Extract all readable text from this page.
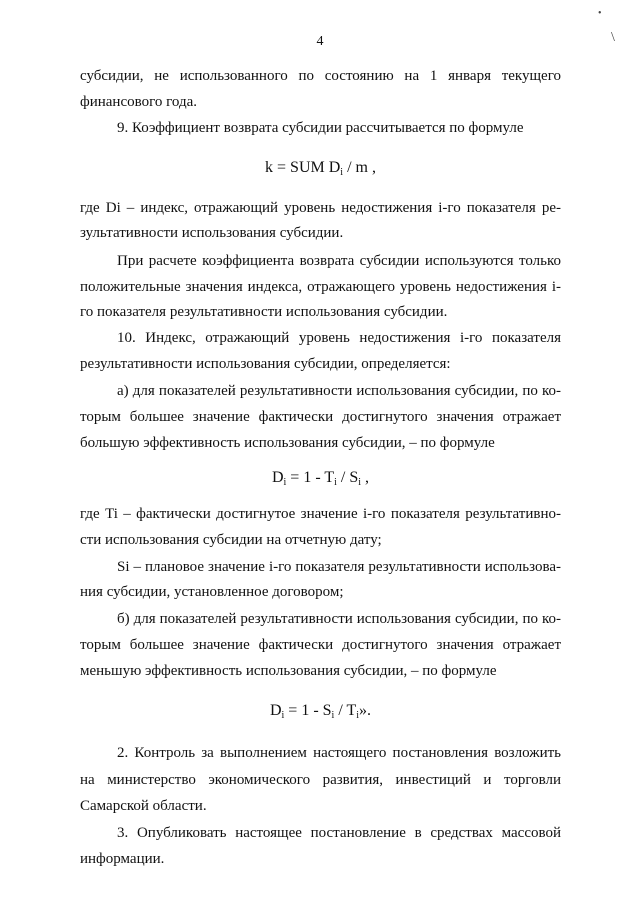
•
\
4
субсидии, не использованного по состоянию на 1 января текущего
финансового года.
9. Коэффициент возврата субсидии рассчитывается по формуле
k = SUM $D_i$ / m ,
где Di – индекс, отражающий уровень недостижения i-го показателя ре-
зультативности использования субсидии.
При расчете коэффициента возврата субсидии используются только
положительные значения индекса, отражающего уровень недостижения i-
го показателя результативности использования субсидии.
10. Индекс, отражающий уровень недостижения i-го показателя
результативности использования субсидии, определяется:
а) для показателей результативности использования субсидии, по ко-
торым большее значение фактически достигнутого значения отражает
большую эффективность использования субсидии, – по формуле
$D_i = 1 - T_i / S_i$ ,
где Ti – фактически достигнутое значение i-го показателя результативно-
сти использования субсидии на отчетную дату;
Si – плановое значение i-го показателя результативности использова-
ния субсидии, установленное договором;
б) для показателей результативности использования субсидии, по ко-
торым большее значение фактически достигнутого значения отражает
меньшую эффективность использования субсидии, – по формуле
$D_i = 1 - S_i / T_i$».
2. Контроль за выполнением настоящего постановления возложить
на министерство экономического развития, инвестиций и торговли
Самарской области.
3. Опубликовать настоящее постановление в средствах массовой
информации.
